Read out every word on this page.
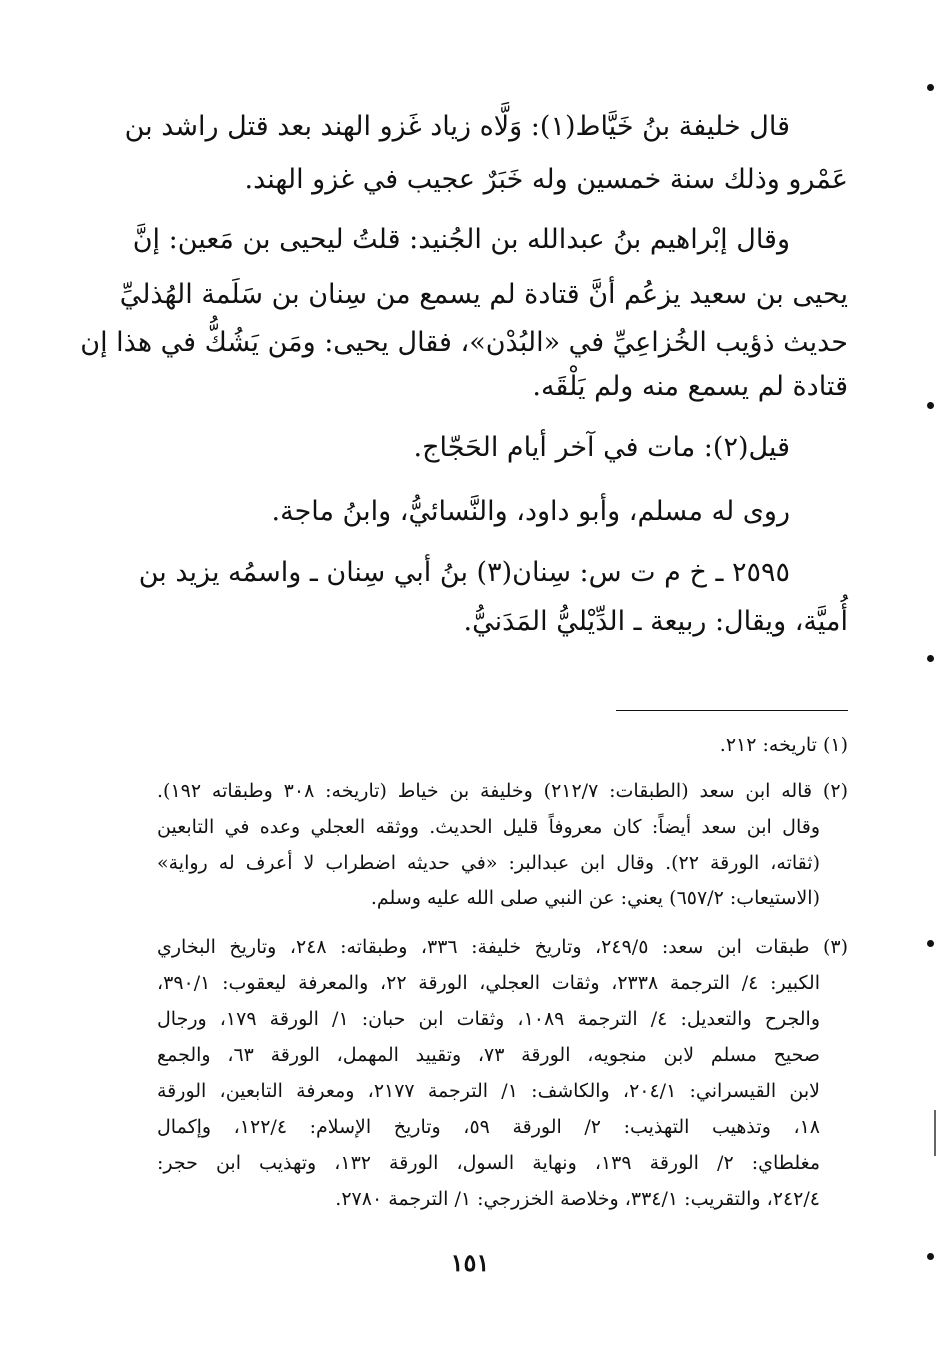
قال خليفة بنُ خَيَّاط(١): وَلَّاه زياد غَزو الهند بعد قتل راشد بن
عَمْرو وذلك سنة خمسين وله خَبَرٌ عجيب في غزو الهند.
وقال إبْراهيم بنُ عبدالله بن الجُنيد: قلتُ ليحيى بن مَعين: إنَّ
يحيى بن سعيد يزعُم أنَّ قتادة لم يسمع من سِنان بن سَلَمة الهُذليِّ
حديث ذؤيب الخُزاعِيِّ في «البُدْن»، فقال يحيى: ومَن يَشُكُّ في هذا إن
قتادة لم يسمع منه ولم يَلْقَه.
قيل(٢): مات في آخر أيام الحَجّاج.
روى له مسلم، وأبو داود، والنَّسائيُّ، وابنُ ماجة.
٢٥٩٥ ـ خ م ت س: سِنان(٣) بنُ أبي سِنان ـ واسمُه يزيد بن
أُميَّة، ويقال: ربيعة ـ الدِّيْليُّ المَدَنيُّ.
(١) تاريخه: ٢١٢.
(٢) قاله ابن سعد (الطبقات: ٢١٢/٧) وخليفة بن خياط (تاريخه: ٣٠٨ وطبقاته ١٩٢).
وقال ابن سعد أيضاً: كان معروفاً قليل الحديث. ووثقه العجلي وعده في التابعين
(ثقاته، الورقة ٢٢). وقال ابن عبدالبر: «في حديثه اضطراب لا أعرف له رواية»
(الاستيعاب: ٦٥٧/٢) يعني: عن النبي صلى الله عليه وسلم.
(٣) طبقات ابن سعد: ٢٤٩/٥، وتاريخ خليفة: ٣٣٦، وطبقاته: ٢٤٨، وتاريخ البخاري
الكبير: ٤/ الترجمة ٢٣٣٨، وثقات العجلي، الورقة ٢٢، والمعرفة ليعقوب: ٣٩٠/١،
والجرح والتعديل: ٤/ الترجمة ١٠٨٩، وثقات ابن حبان: ١/ الورقة ١٧٩، ورجال
صحيح مسلم لابن منجويه، الورقة ٧٣، وتقييد المهمل، الورقة ٦٣، والجمع
لابن القيسراني: ٢٠٤/١، والكاشف: ١/ الترجمة ٢١٧٧، ومعرفة التابعين، الورقة
١٨، وتذهيب التهذيب: ٢/ الورقة ٥٩، وتاريخ الإسلام: ١٢٢/٤، وإكمال
مغلطاي: ٢/ الورقة ١٣٩، ونهاية السول، الورقة ١٣٢، وتهذيب ابن حجر:
٢٤٢/٤، والتقريب: ٣٣٤/١، وخلاصة الخزرجي: ١/ الترجمة ٢٧٨٠.
١٥١
